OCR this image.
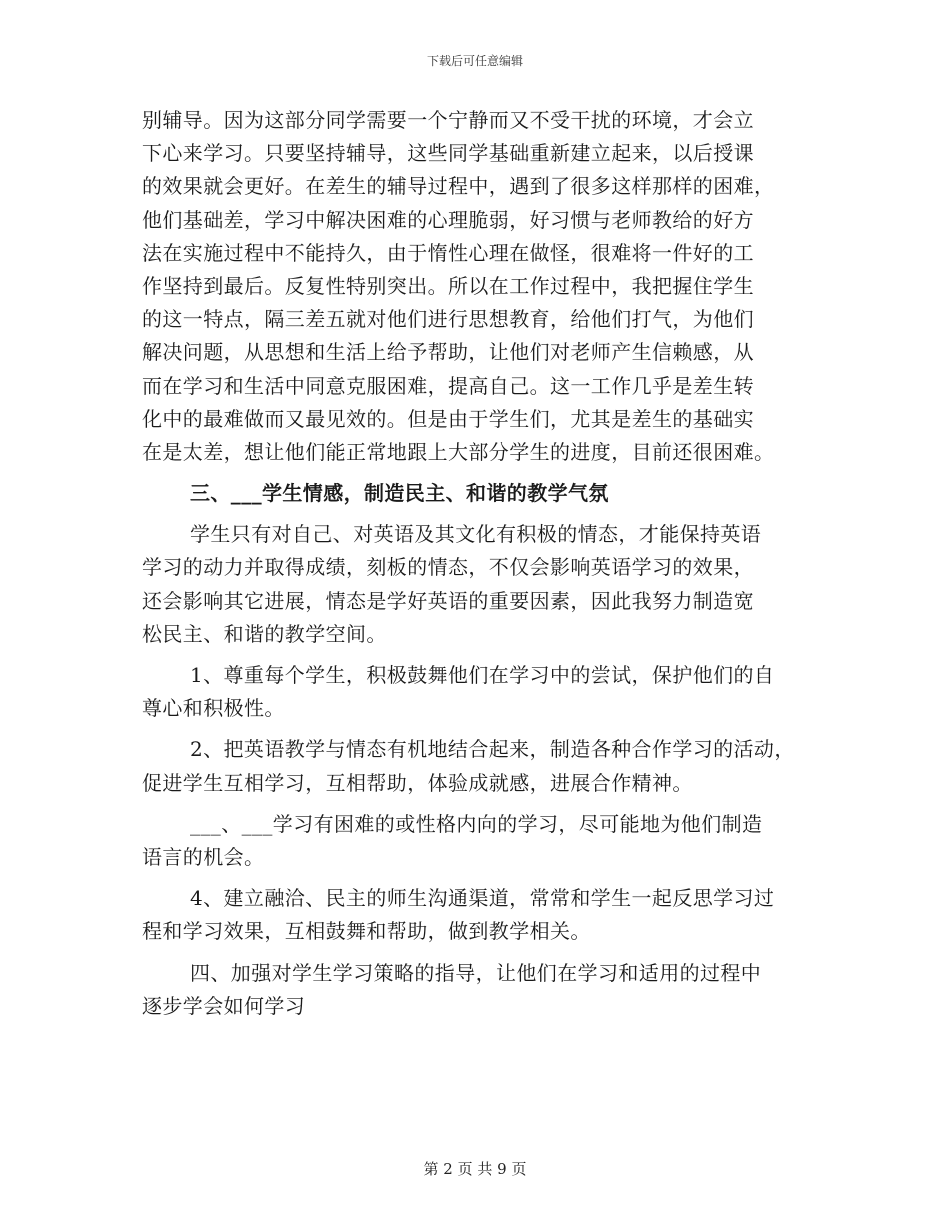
下载后可任意编辑
别辅导。因为这部分同学需要一个宁静而又不受干扰的环境，才会立
下心来学习。只要坚持辅导，这些同学基础重新建立起来，以后授课
的效果就会更好。在差生的辅导过程中，遇到了很多这样那样的困难，
他们基础差，学习中解决困难的心理脆弱，好习惯与老师教给的好方
法在实施过程中不能持久，由于惰性心理在做怪，很难将一件好的工
作坚持到最后。反复性特别突出。所以在工作过程中，我把握住学生
的这一特点，隔三差五就对他们进行思想教育，给他们打气，为他们
解决问题，从思想和生活上给予帮助，让他们对老师产生信赖感，从
而在学习和生活中同意克服困难，提高自己。这一工作几乎是差生转
化中的最难做而又最见效的。但是由于学生们，尤其是差生的基础实
在是太差，想让他们能正常地跟上大部分学生的进度，目前还很困难。
三、___学生情感，制造民主、和谐的教学气氛
学生只有对自己、对英语及其文化有积极的情态，才能保持英语
学习的动力并取得成绩，刻板的情态，不仅会影响英语学习的效果，
还会影响其它进展，情态是学好英语的重要因素，因此我努力制造宽
松民主、和谐的教学空间。
1、尊重每个学生，积极鼓舞他们在学习中的尝试，保护他们的自
尊心和积极性。
2、把英语教学与情态有机地结合起来，制造各种合作学习的活动，
促进学生互相学习，互相帮助，体验成就感，进展合作精神。
___、___学习有困难的或性格内向的学习，尽可能地为他们制造
语言的机会。
4、建立融洽、民主的师生沟通渠道，常常和学生一起反思学习过
程和学习效果，互相鼓舞和帮助，做到教学相关。
四、加强对学生学习策略的指导，让他们在学习和适用的过程中
逐步学会如何学习
第 2 页 共 9 页
